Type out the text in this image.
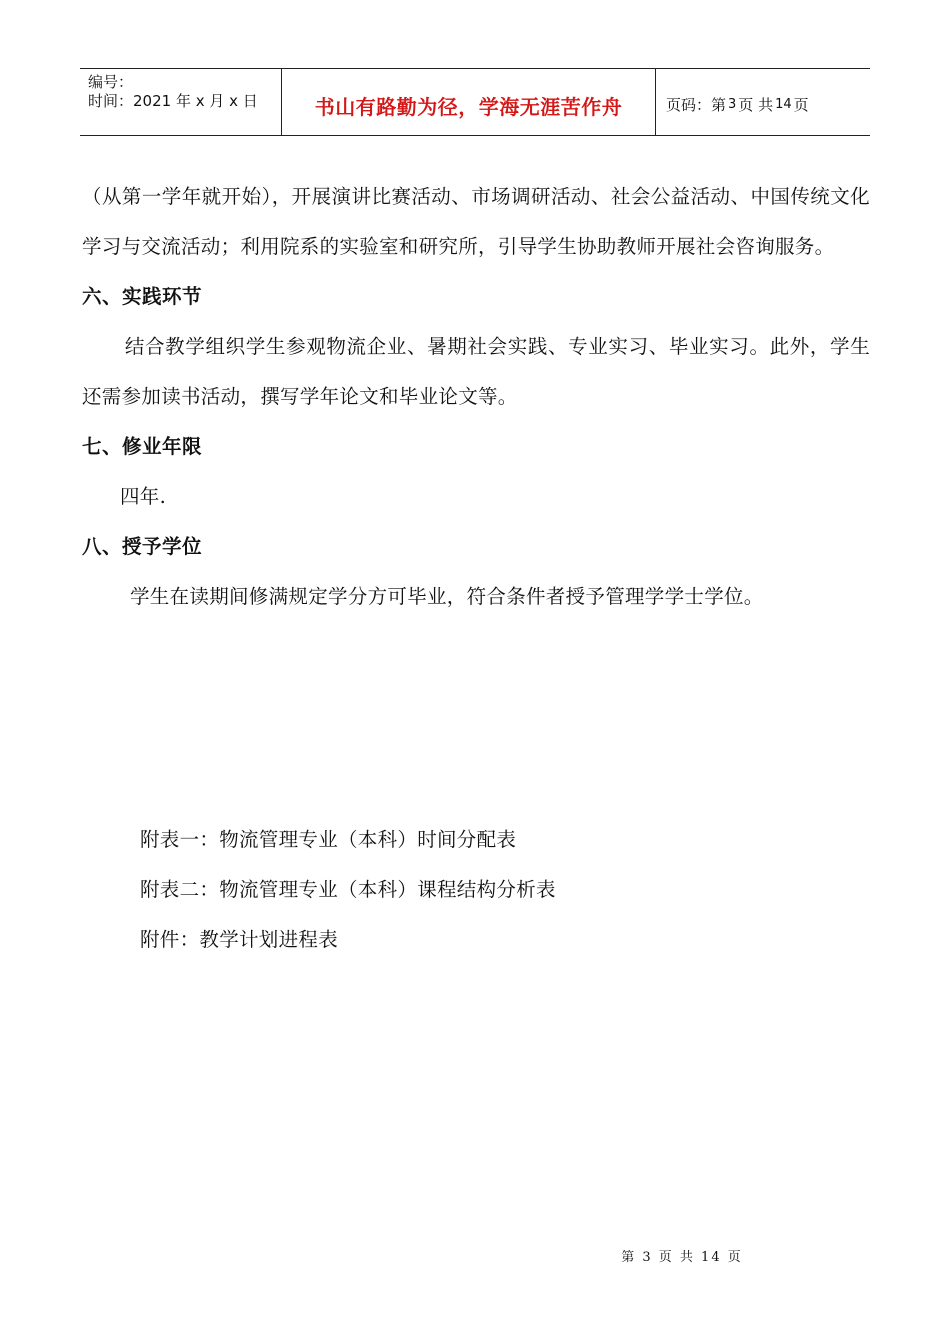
编号：
时间：2021 年 x 月 x 日	书山有路勤为径，学海无涯苦作舟	页码：第 3 页 共 14 页

（从第一学年就开始），开展演讲比赛活动、市场调研活动、社会公益活动、中国传统文化学习与交流活动；利用院系的实验室和研究所，引导学生协助教师开展社会咨询服务。

六、实践环节

结合教学组织学生参观物流企业、暑期社会实践、专业实习、毕业实习。此外，学生还需参加读书活动，撰写学年论文和毕业论文等。

七、修业年限

四年.

八、授予学位

学生在读期间修满规定学分方可毕业，符合条件者授予管理学学士学位。

附表一：物流管理专业（本科）时间分配表
附表二：物流管理专业（本科）课程结构分析表
附件：教学计划进程表
第 3 页 共 14 页
